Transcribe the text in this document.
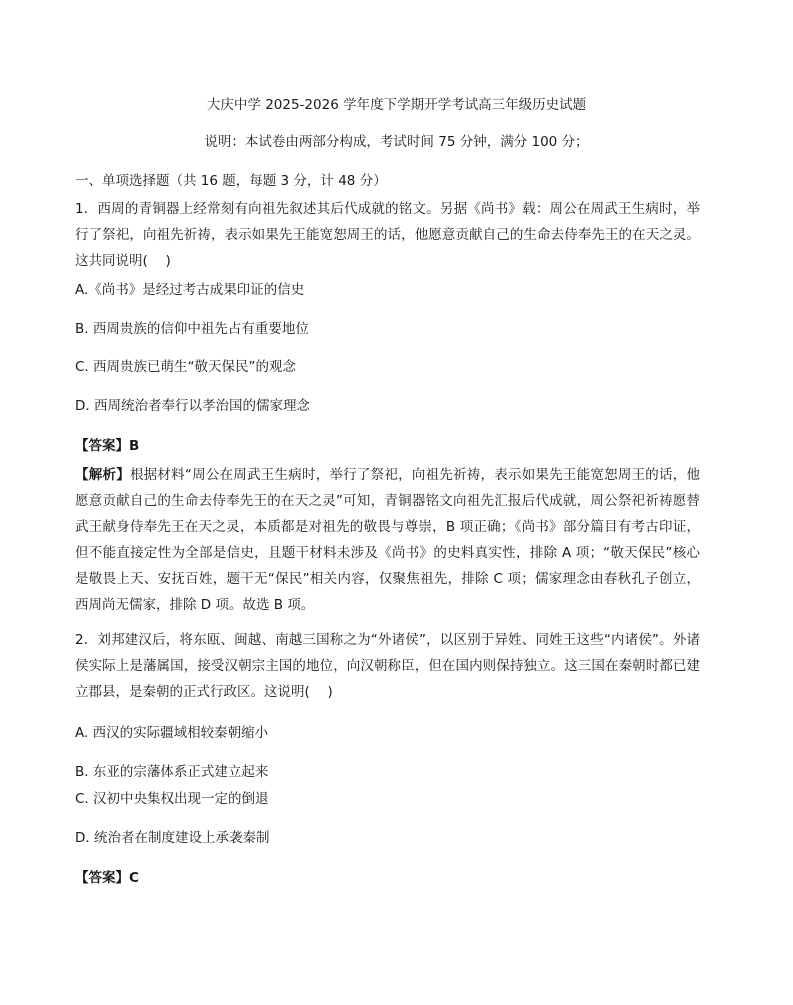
大庆中学 2025-2026 学年度下学期开学考试高三年级历史试题
说明：本试卷由两部分构成，考试时间 75 分钟，满分 100 分；
一、单项选择题（共 16 题，每题 3 分，计 48 分）

1．西周的青铜器上经常刻有向祖先叙述其后代成就的铭文。另据《尚书》载：周公在周武王生病时，举行了祭祀，向祖先祈祷，表示如果先王能宽恕周王的话，他愿意贡献自己的生命去侍奉先王的在天之灵。这共同说明(　 )

A.《尚书》是经过考古成果印证的信史
B. 西周贵族的信仰中祖先占有重要地位
C. 西周贵族已萌生“敬天保民”的观念
D. 西周统治者奉行以孝治国的儒家理念
【答案】B

【解析】根据材料“周公在周武王生病时，举行了祭祀，向祖先祈祷，表示如果先王能宽恕周王的话，他愿意贡献自己的生命去侍奉先王的在天之灵”可知，青铜器铭文向祖先汇报后代成就，周公祭祀祈祷愿替武王献身侍奉先王在天之灵，本质都是对祖先的敬畏与尊崇，B 项正确；《尚书》部分篇目有考古印证，但不能直接定性为全部是信史，且题干材料未涉及《尚书》的史料真实性，排除 A 项；“敬天保民”核心是敬畏上天、安抚百姓，题干无“保民”相关内容，仅聚焦祖先，排除 C 项；儒家理念由春秋孔子创立，西周尚无儒家，排除 D 项。故选 B 项。

2．刘邦建汉后，将东瓯、闽越、南越三国称之为“外诸侯”，以区别于异姓、同姓王这些“内诸侯”。外诸侯实际上是藩属国，接受汉朝宗主国的地位，向汉朝称臣，但在国内则保持独立。这三国在秦朝时都已建立郡县，是秦朝的正式行政区。这说明(　 )

A. 西汉的实际疆域相较秦朝缩小
B. 东亚的宗藩体系正式建立起来
C. 汉初中央集权出现一定的倒退
D. 统治者在制度建设上承袭秦制
【答案】C
